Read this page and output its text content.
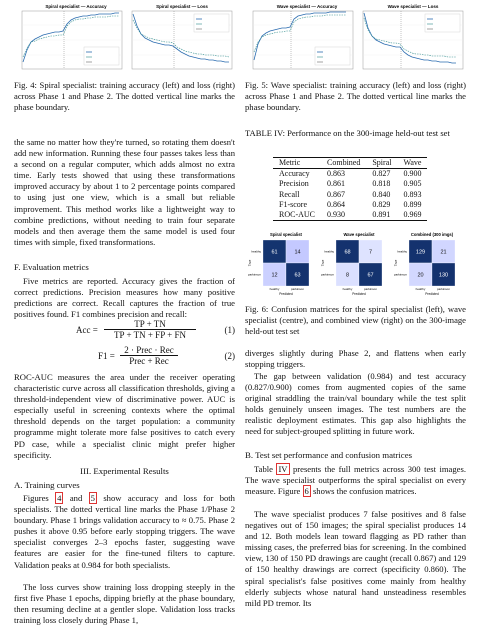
Spiral specialist — Accuracy	Spiral specialist — Loss

Fig. 4: Spiral specialist: training accuracy (left) and loss (right) across Phase 1 and Phase 2. The dotted vertical line marks the phase boundary.

the same no matter how they're turned, so rotating them doesn't add new information. Running these four passes takes less than a second on a regular computer, which adds almost no extra time. Early tests showed that using these transformations improved accuracy by about 1 to 2 percentage points compared to using just one view, which is a small but reliable improvement. This method works like a lightweight way to combine predictions, without needing to train four separate models and then average them the same model is used four times with simple, fixed transformations.

F. Evaluation metrics

Five metrics are reported. Accuracy gives the fraction of correct predictions. Precision measures how many positive predictions are correct. Recall captures the fraction of true positives found. F1 combines precision and recall:

Acc = $\frac{TP + TN}{TP + TN + FP + FN}$	(1)
F1 =
2 · Prec · Rec
Prec + Rec	(2)

ROC-AUC measures the area under the receiver operating characteristic curve across all classification thresholds, giving a threshold-independent view of discriminative power. AUC is especially useful in screening contexts where the optimal threshold depends on the target population: a community programme might tolerate more false positives to catch every PD case, while a specialist clinic might prefer higher specificity.

III. Experimental Results

A. Training curves

Figures 4 and 5 show accuracy and loss for both specialists. The dotted vertical line marks the Phase 1/Phase 2 boundary. Phase 1 brings validation accuracy to ≈ 0.75. Phase 2 pushes it above 0.95 before early stopping triggers. The wave specialist converges 2–3 epochs faster, suggesting wave features are easier for the fine-tuned filters to capture. Validation peaks at 0.984 for both specialists.

The loss curves show training loss dropping steeply in the first five Phase 1 epochs, dipping briefly at the phase boundary, then resuming decline at a gentler slope. Validation loss tracks training loss closely during Phase 1,

Wave specialist — Accuracy	Wave specialist — Loss

Fig. 5: Wave specialist: training accuracy (left) and loss (right) across Phase 1 and Phase 2. The dotted vertical line marks the phase boundary.

TABLE IV: Performance on the 300-image held-out test set

Metric	Combined	Spiral	Wave
Accuracy	0.863	0.827	0.900
Precision	0.861	0.818	0.905
Recall	0.867	0.840	0.893
F1-score	0.864	0.829	0.899
ROC-AUC	0.930	0.891	0.969
Spiral specialist
61	14
12	63
healthy	parkinson
Predicted
healthy
parkinson
True
Wave specialist
68	7
8	67
healthy	parkinson
Predicted
healthy
parkinson
True
Combined (300 imgs)
129	21
20	130
healthy	parkinson
Predicted
healthy
parkinson
True

Fig. 6: Confusion matrices for the spiral specialist (left), wave specialist (centre), and combined view (right) on the 300-image held-out test set

diverges slightly during Phase 2, and flattens when early stopping triggers.

The gap between validation (0.984) and test accuracy (0.827/0.900) comes from augmented copies of the same original straddling the train/val boundary while the test split holds genuinely unseen images. The test numbers are the realistic deployment estimates. This gap also highlights the need for subject-grouped splitting in future work.

B. Test set performance and confusion matrices

Table IV presents the full metrics across 300 test images. The wave specialist outperforms the spiral specialist on every measure. Figure 6 shows the confusion matrices.

The wave specialist produces 7 false positives and 8 false negatives out of 150 images; the spiral specialist produces 14 and 12. Both models lean toward flagging as PD rather than missing cases, the preferred bias for screening. In the combined view, 130 of 150 PD drawings are caught (recall 0.867) and 129 of 150 healthy drawings are correct (specificity 0.860). The spiral specialist's false positives come mainly from healthy elderly subjects whose natural hand unsteadiness resembles mild PD tremor. Its
